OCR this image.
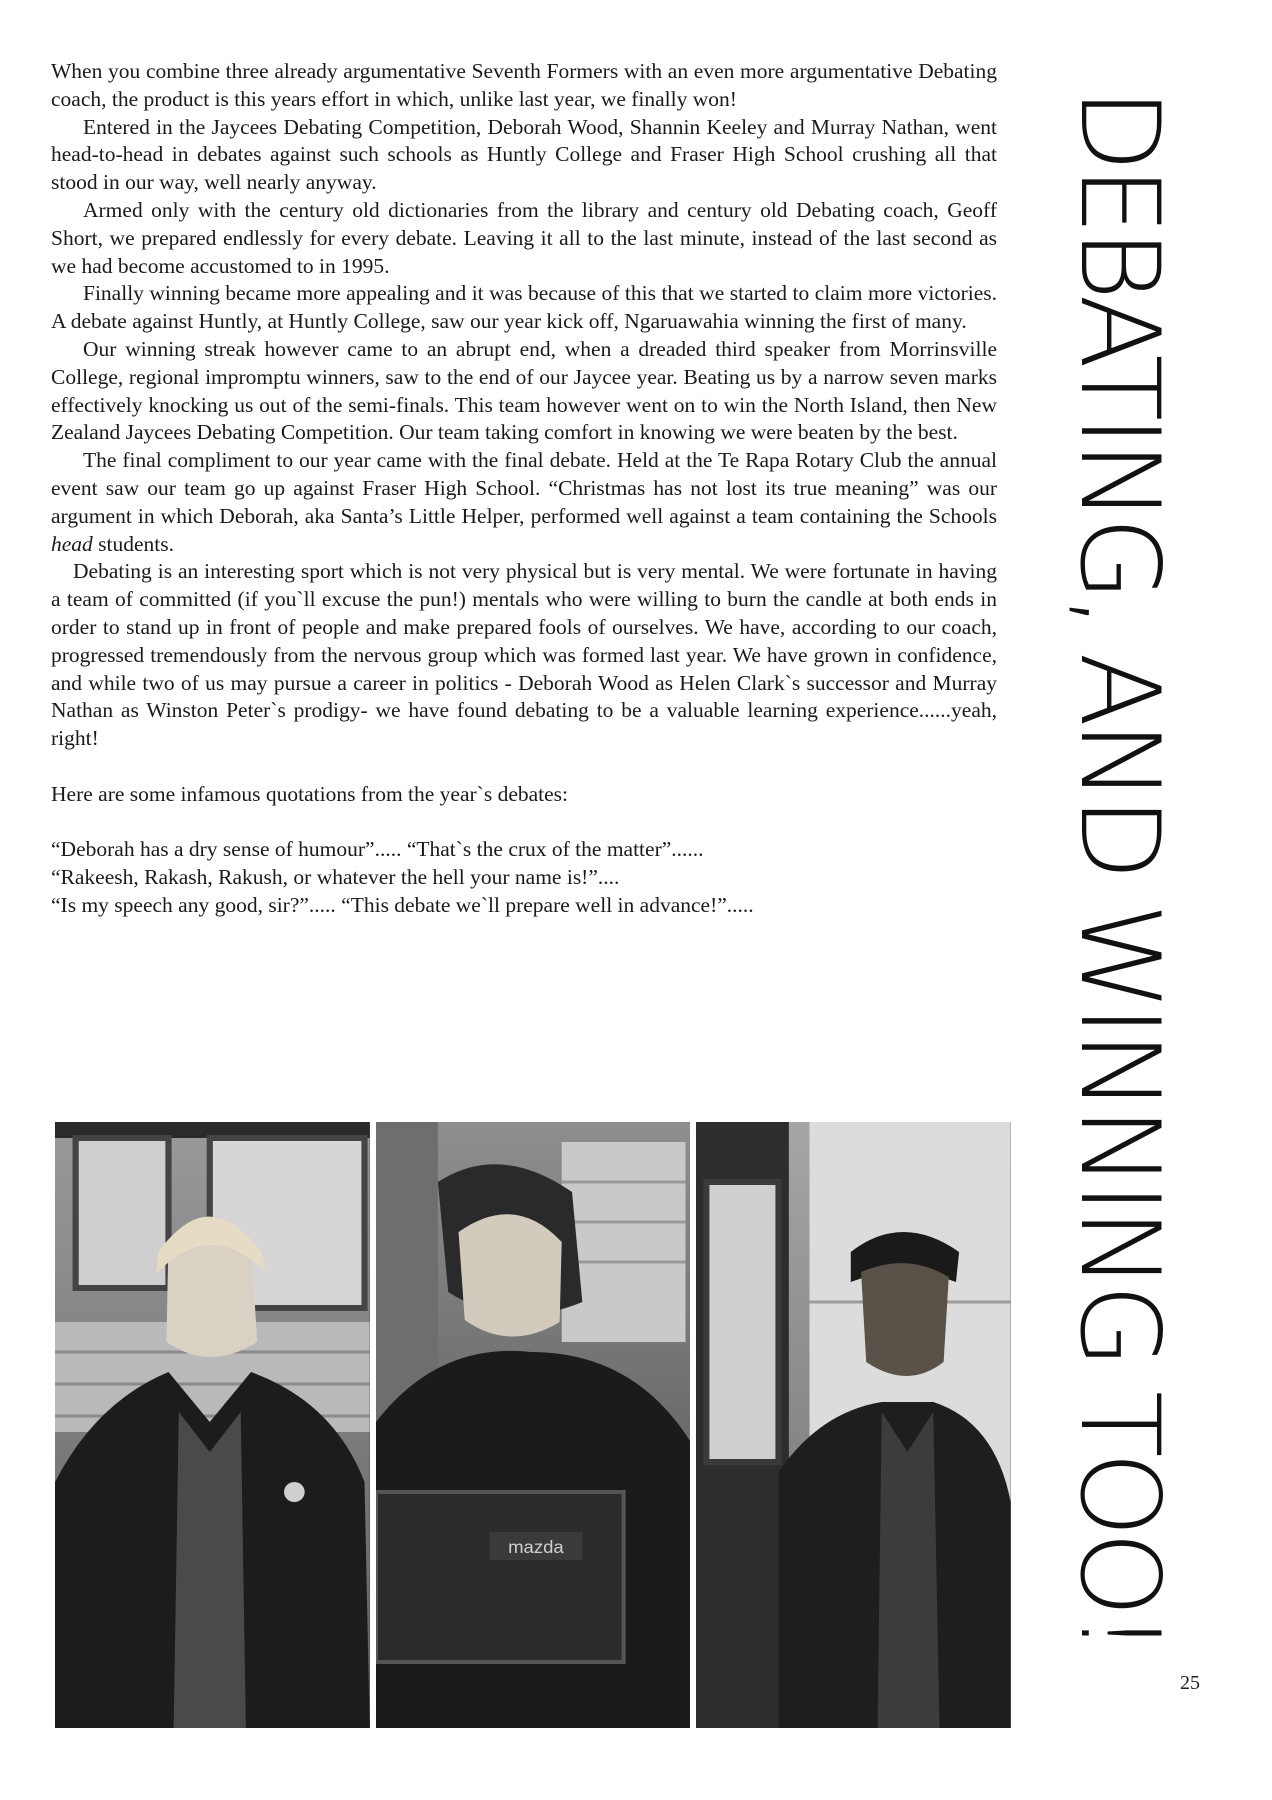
When you combine three already argumentative Seventh Formers with an even more argumentative Debating coach, the product is this years effort in which, unlike last year, we finally won!

Entered in the Jaycees Debating Competition, Deborah Wood, Shannin Keeley and Murray Nathan, went head-to-head in debates against such schools as Huntly College and Fraser High School crushing all that stood in our way, well nearly anyway.

Armed only with the century old dictionaries from the library and century old Debating coach, Geoff Short, we prepared endlessly for every debate. Leaving it all to the last minute, instead of the last second as we had become accustomed to in 1995.

Finally winning became more appealing and it was because of this that we started to claim more victories. A debate against Huntly, at Huntly College, saw our year kick off, Ngaruawahia winning the first of many.

Our winning streak however came to an abrupt end, when a dreaded third speaker from Morrinsville College, regional impromptu winners, saw to the end of our Jaycee year. Beating us by a narrow seven marks effectively knocking us out of the semi-finals. This team however went on to win the North Island, then New Zealand Jaycees Debating Competition. Our team taking comfort in knowing we were beaten by the best.

The final compliment to our year came with the final debate. Held at the Te Rapa Rotary Club the annual event saw our team go up against Fraser High School. “Christmas has not lost its true meaning” was our argument in which Deborah, aka Santa’s Little Helper, performed well against a team containing the Schools head students.

Debating is an interesting sport which is not very physical but is very mental. We were fortunate in having a team of committed (if you`ll excuse the pun!) mentals who were willing to burn the candle at both ends in order to stand up in front of people and make prepared fools of ourselves. We have, according to our coach, progressed tremendously from the nervous group which was formed last year. We have grown in confidence, and while two of us may pursue a career in politics - Deborah Wood as Helen Clark`s successor and Murray Nathan as Winston Peter`s prodigy- we have found debating to be a valuable learning experience......yeah, right!

Here are some infamous quotations from the year`s debates:

“Deborah has a dry sense of humour”..... “That`s the crux of the matter”......
“Rakeesh, Rakash, Rakush, or whatever the hell your name is!”....
“Is my speech any good, sir?”..... “This debate we`ll prepare well in advance!”.....	DEBATING, AND WINNING TOO!
mazda
25
